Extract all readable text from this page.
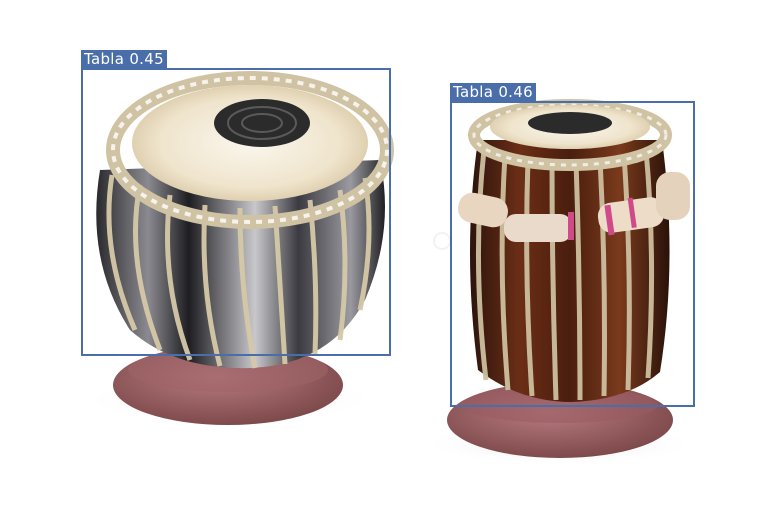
Tabla 0.45
Tabla 0.46
